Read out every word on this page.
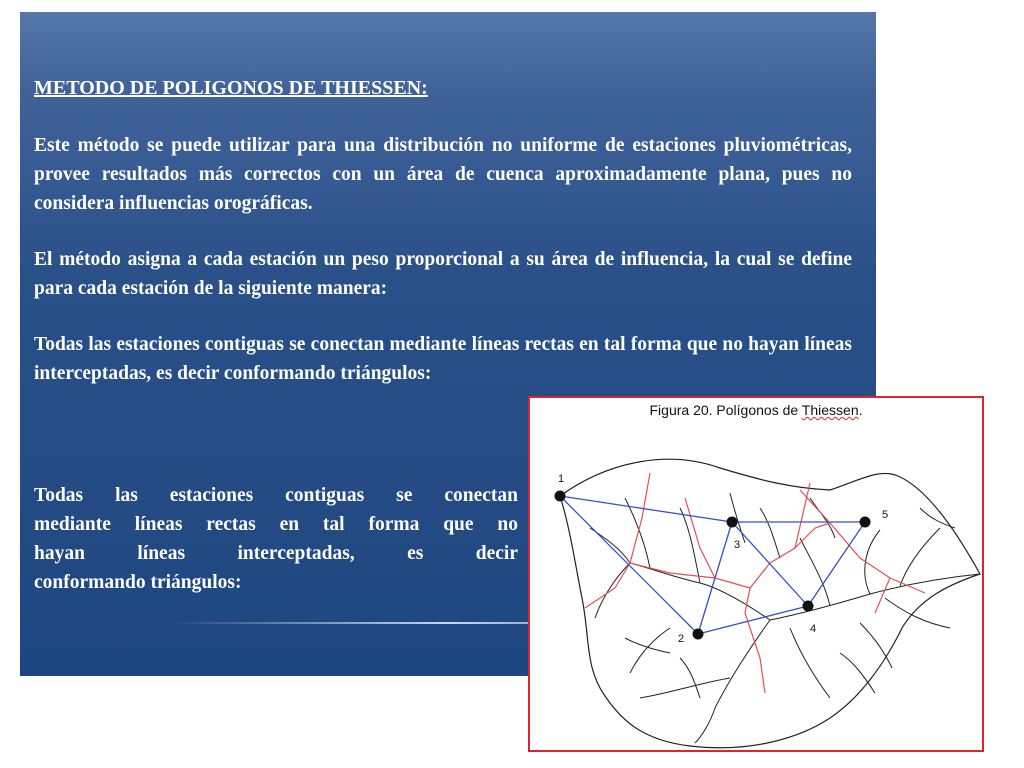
METODO DE POLIGONOS DE THIESSEN:

Este método se puede utilizar para una distribución no uniforme de estaciones pluviométricas, provee resultados más correctos con un área de cuenca aproximadamente plana, pues no considera influencias orográficas.

El método asigna a cada estación un peso proporcional a su área de influencia, la cual se define para cada estación de la siguiente manera:

Todas las estaciones contiguas se conectan mediante líneas rectas en tal forma que no hayan líneas interceptadas, es decir conformando triángulos:

Todas las estaciones contiguas se conectan
mediante líneas rectas en tal forma que no
hayan líneas interceptadas, es decir
conformando triángulos:
Figura 20. Polígonos de Thiessen.
1
2
3
4
5
